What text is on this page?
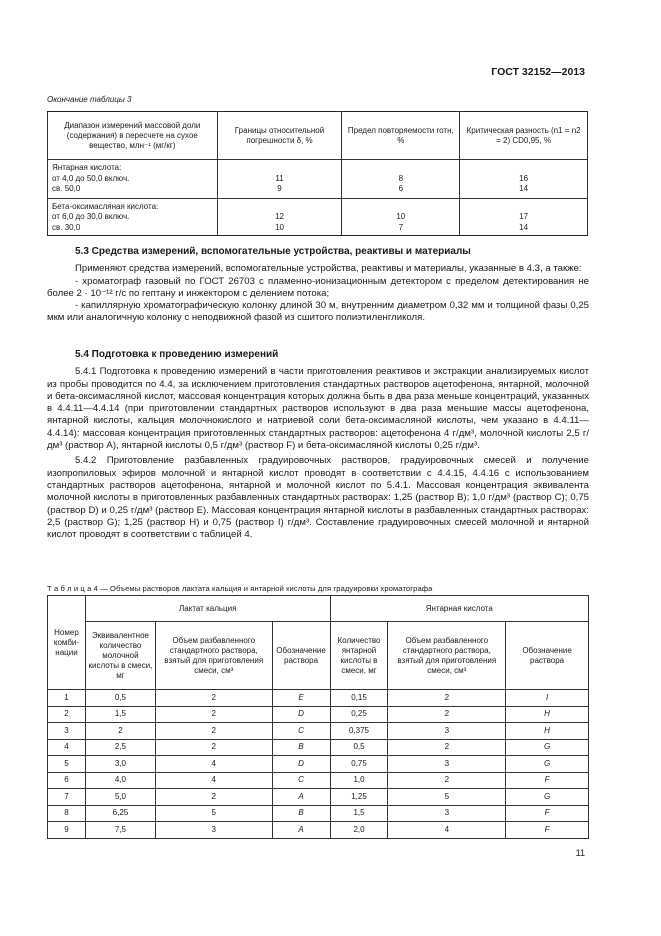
ГОСТ 32152—2013
Окончание таблицы 3
Диапазон измерений массовой доли (содержания) в пересчете на сухое вещество, млн⁻¹ (мг/кг)	Границы относительной погрешности δ, %	Предел повторяемости rотн, %	Критическая разность (n1 = n2 = 2) CD0,95, %
Янтарная кислота:			
от 4,0 до 50,0 включ.	11	8	16
св. 50,0	9	6	14
Бета-оксимасляная кислота:			
от 6,0 до 30,0 включ.	12	10	17
св. 30,0	10	7	14

5.3 Средства измерений, вспомогательные устройства, реактивы и материалы

Применяют средства измерений, вспомогательные устройства, реактивы и материалы, указанные в 4.3, а также:

- хроматограф газовый по ГОСТ 26703 с пламенно-ионизационным детектором с пределом детектирования не более 2 · 10⁻¹² г/с по гептану и инжектором с делением потока;

- капиллярную хроматографическую колонку длиной 30 м, внутренним диаметром 0,32 мм и толщиной фазы 0,25 мкм или аналогичную колонку с неподвижной фазой из сшитого полиэтиленгликоля.

5.4 Подготовка к проведению измерений

5.4.1 Подготовка к проведению измерений в части приготовления реактивов и экстракции анализируемых кислот из пробы проводится по 4.4, за исключением приготовления стандартных растворов ацетофенона, янтарной, молочной и бета-оксимасляной кислот, массовая концентрация которых должна быть в два раза меньше концентраций, указанных в 4.4.11—4.4.14 (при приготовлении стандартных растворов используют в два раза меньшие массы ацетофенона, янтарной кислоты, кальция молочнокислого и натриевой соли бета-оксимасляной кислоты, чем указано в 4.4.11—4.4.14): массовая концентрация приготовленных стандартных растворов: ацетофенона 4 г/дм³, молочной кислоты 2,5 г/дм³ (раствор А), янтарной кислоты 0,5 г/дм³ (раствор F) и бета-оксимасляной кислоты 0,25 г/дм³.

5.4.2 Приготовление разбавленных градуировочных растворов, градуировочных смесей и получение изопропиловых эфиров молочной и янтарной кислот проводят в соответствии с 4.4.15, 4.4.16 с использованием стандартных растворов ацетофенона, янтарной и молочной кислот по 5.4.1. Массовая концентрация эквивалента молочной кислоты в приготовленных разбавленных стандартных растворах: 1,25 (раствор B); 1,0 г/дм³ (раствор C); 0,75 (раствор D) и 0,25 г/дм³ (раствор E). Массовая концентрация янтарной кислоты в разбавленных стандартных растворах: 2,5 (раствор G); 1,25 (раствор H) и 0,75 (раствор I) г/дм³. Составление градуировочных смесей молочной и янтарной кислот проводят в соответствии с таблицей 4.

Т а б л и ц а 4 — Объемы растворов лактата кальция и янтарной кислоты для градуировки хроматографа
Номер комби-нации	Лактат кальция			Янтарная кислота		
	Эквивалентное количество молочной кислоты в смеси, мг	Объем разбавленного стандартного раствора, взятый для приготовления смеси, см³	Обозначение раствора	Количество янтарной кислоты в смеси, мг	Объем разбавленного стандартного раствора, взятый для приготовления смеси, см³	Обозначение раствора
1	0,5	2	E	0,15	2	I
2	1,5	2	D	0,25	2	H
3	2	2	C	0,375	3	H
4	2,5	2	B	0,5	2	G
5	3,0	4	D	0,75	3	G
6	4,0	4	C	1,0	2	F
7	5,0	2	A	1,25	5	G
8	6,25	5	B	1,5	3	F
9	7,5	3	A	2,0	4	F
11
